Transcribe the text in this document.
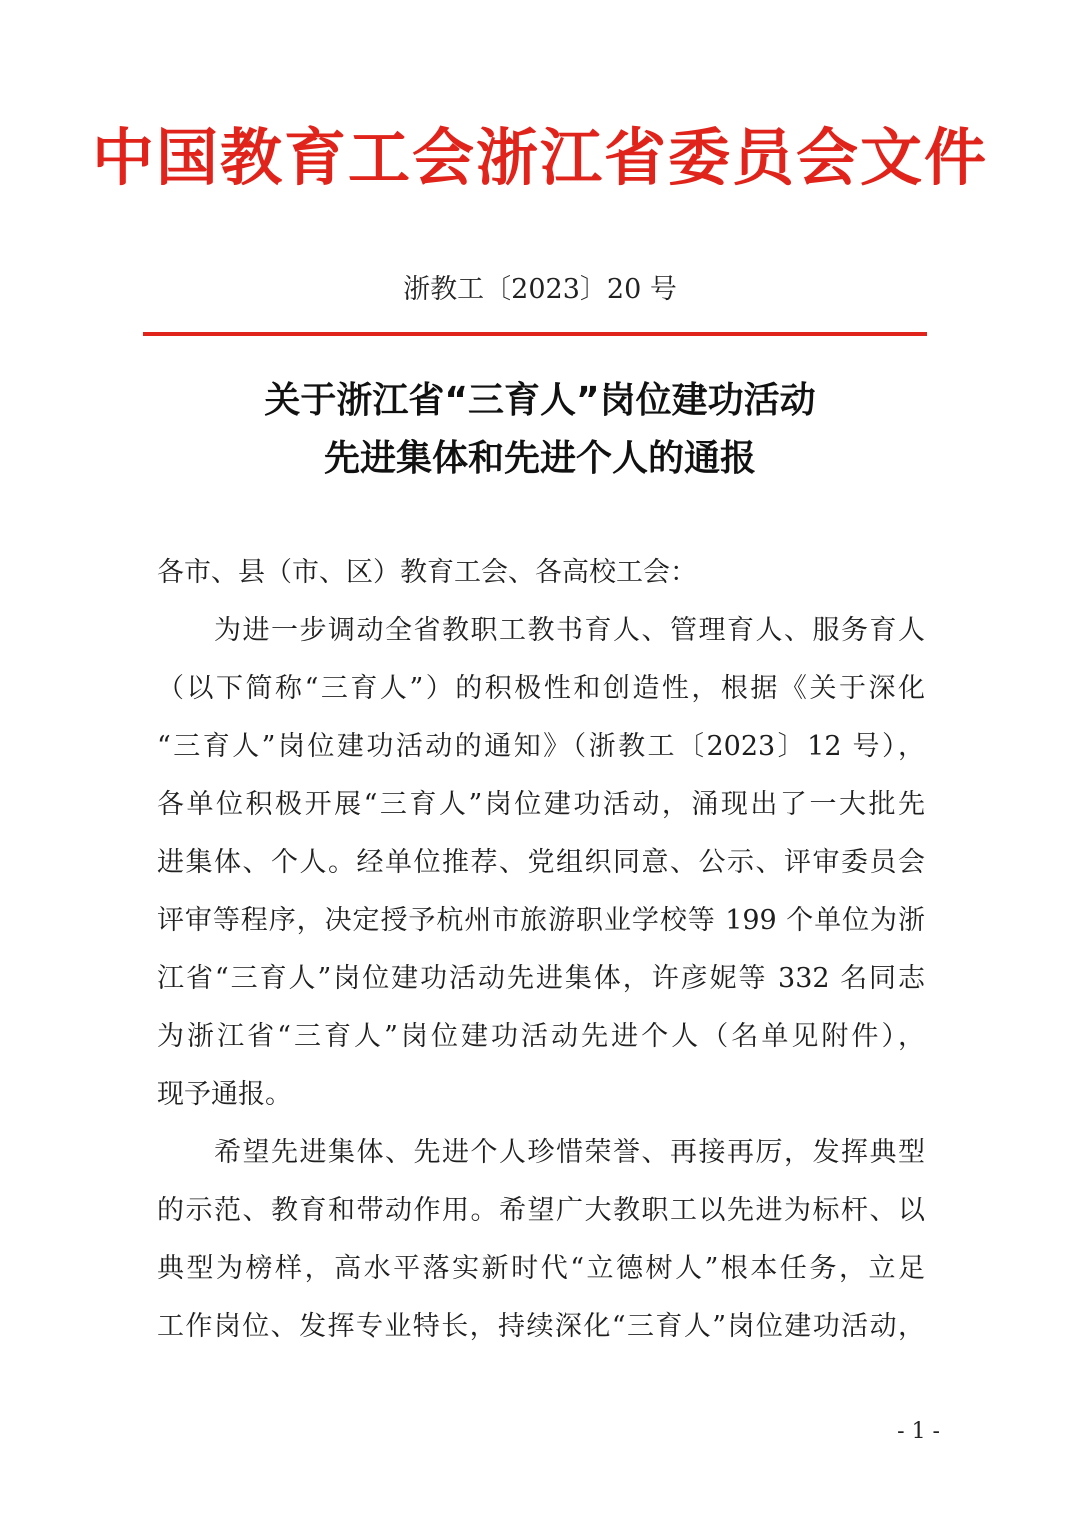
中国教育工会浙江省委员会文件
浙教工〔2023〕20 号
关于浙江省“三育人”岗位建功活动
先进集体和先进个人的通报
各市、县（市、区）教育工会、各高校工会：
　　为进一步调动全省教职工教书育人、管理育人、服务育人
（以下简称“三育人”）的积极性和创造性，根据《关于深化
“三育人”岗位建功活动的通知》（浙教工〔2023〕12 号），
各单位积极开展“三育人”岗位建功活动，涌现出了一大批先
进集体、个人。经单位推荐、党组织同意、公示、评审委员会
评审等程序，决定授予杭州市旅游职业学校等 199 个单位为浙
江省“三育人”岗位建功活动先进集体，许彦妮等 332 名同志
为浙江省“三育人”岗位建功活动先进个人（名单见附件），
现予通报。
　　希望先进集体、先进个人珍惜荣誉、再接再厉，发挥典型
的示范、教育和带动作用。希望广大教职工以先进为标杆、以
典型为榜样，高水平落实新时代“立德树人”根本任务，立足
工作岗位、发挥专业特长，持续深化“三育人”岗位建功活动，
- 1 -
